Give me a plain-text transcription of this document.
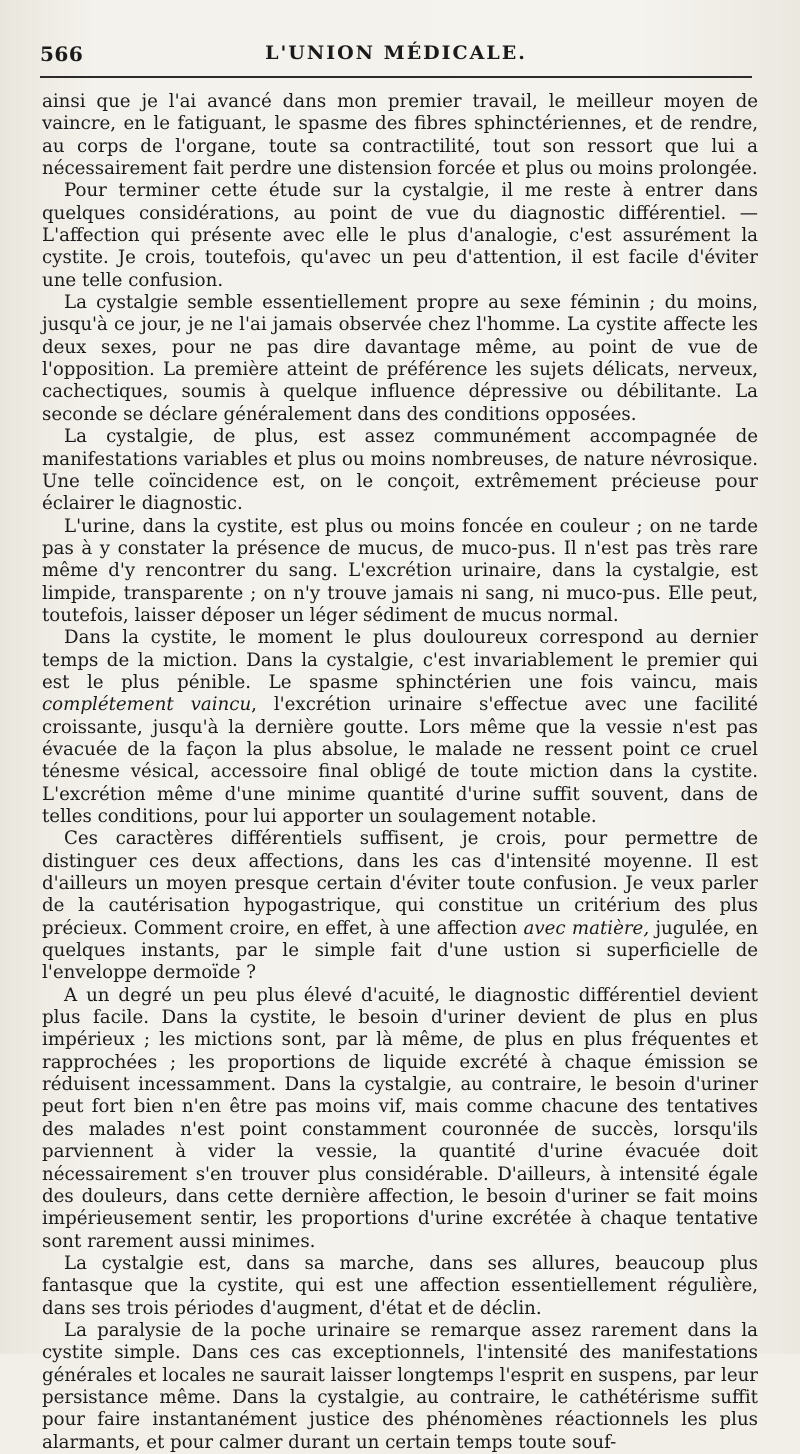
566	L'UNION MÉDICALE.

ainsi que je l'ai avancé dans mon premier travail, le meilleur moyen de vaincre, en le fatiguant, le spasme des fibres sphinctériennes, et de rendre, au corps de l'organe, toute sa contractilité, tout son ressort que lui a nécessairement fait perdre une distension forcée et plus ou moins prolongée.

Pour terminer cette étude sur la cystalgie, il me reste à entrer dans quelques considérations, au point de vue du diagnostic différentiel. — L'affection qui présente avec elle le plus d'analogie, c'est assurément la cystite. Je crois, toutefois, qu'avec un peu d'attention, il est facile d'éviter une telle confusion.

La cystalgie semble essentiellement propre au sexe féminin ; du moins, jusqu'à ce jour, je ne l'ai jamais observée chez l'homme. La cystite affecte les deux sexes, pour ne pas dire davantage même, au point de vue de l'opposition. La première atteint de préférence les sujets délicats, nerveux, cachectiques, soumis à quelque influence dépressive ou débilitante. La seconde se déclare généralement dans des conditions opposées.

La cystalgie, de plus, est assez communément accompagnée de manifestations variables et plus ou moins nombreuses, de nature névrosique. Une telle coïncidence est, on le conçoit, extrêmement précieuse pour éclairer le diagnostic.

L'urine, dans la cystite, est plus ou moins foncée en couleur ; on ne tarde pas à y constater la présence de mucus, de muco-pus. Il n'est pas très rare même d'y rencontrer du sang. L'excrétion urinaire, dans la cystalgie, est limpide, transparente ; on n'y trouve jamais ni sang, ni muco-pus. Elle peut, toutefois, laisser déposer un léger sédiment de mucus normal.

Dans la cystite, le moment le plus douloureux correspond au dernier temps de la miction. Dans la cystalgie, c'est invariablement le premier qui est le plus pénible. Le spasme sphinctérien une fois vaincu, mais complétement vaincu, l'excrétion urinaire s'effectue avec une facilité croissante, jusqu'à la dernière goutte. Lors même que la vessie n'est pas évacuée de la façon la plus absolue, le malade ne ressent point ce cruel ténesme vésical, accessoire final obligé de toute miction dans la cystite. L'excrétion même d'une minime quantité d'urine suffit souvent, dans de telles conditions, pour lui apporter un soulagement notable.

Ces caractères différentiels suffisent, je crois, pour permettre de distinguer ces deux affections, dans les cas d'intensité moyenne. Il est d'ailleurs un moyen presque certain d'éviter toute confusion. Je veux parler de la cautérisation hypogastrique, qui constitue un critérium des plus précieux. Comment croire, en effet, à une affection avec matière, jugulée, en quelques instants, par le simple fait d'une ustion si superficielle de l'enveloppe dermoïde ?

A un degré un peu plus élevé d'acuité, le diagnostic différentiel devient plus facile. Dans la cystite, le besoin d'uriner devient de plus en plus impérieux ; les mictions sont, par là même, de plus en plus fréquentes et rapprochées ; les proportions de liquide excrété à chaque émission se réduisent incessamment. Dans la cystalgie, au contraire, le besoin d'uriner peut fort bien n'en être pas moins vif, mais comme chacune des tentatives des malades n'est point constamment couronnée de succès, lorsqu'ils parviennent à vider la vessie, la quantité d'urine évacuée doit nécessairement s'en trouver plus considérable. D'ailleurs, à intensité égale des douleurs, dans cette dernière affection, le besoin d'uriner se fait moins impérieusement sentir, les proportions d'urine excrétée à chaque tentative sont rarement aussi minimes.

La cystalgie est, dans sa marche, dans ses allures, beaucoup plus fantasque que la cystite, qui est une affection essentiellement régulière, dans ses trois périodes d'augment, d'état et de déclin.

La paralysie de la poche urinaire se remarque assez rarement dans la cystite simple. Dans ces cas exceptionnels, l'intensité des manifestations générales et locales ne saurait laisser longtemps l'esprit en suspens, par leur persistance même. Dans la cystalgie, au contraire, le cathétérisme suffit pour faire instantanément justice des phénomènes réactionnels les plus alarmants, et pour calmer durant un certain temps toute souf-
